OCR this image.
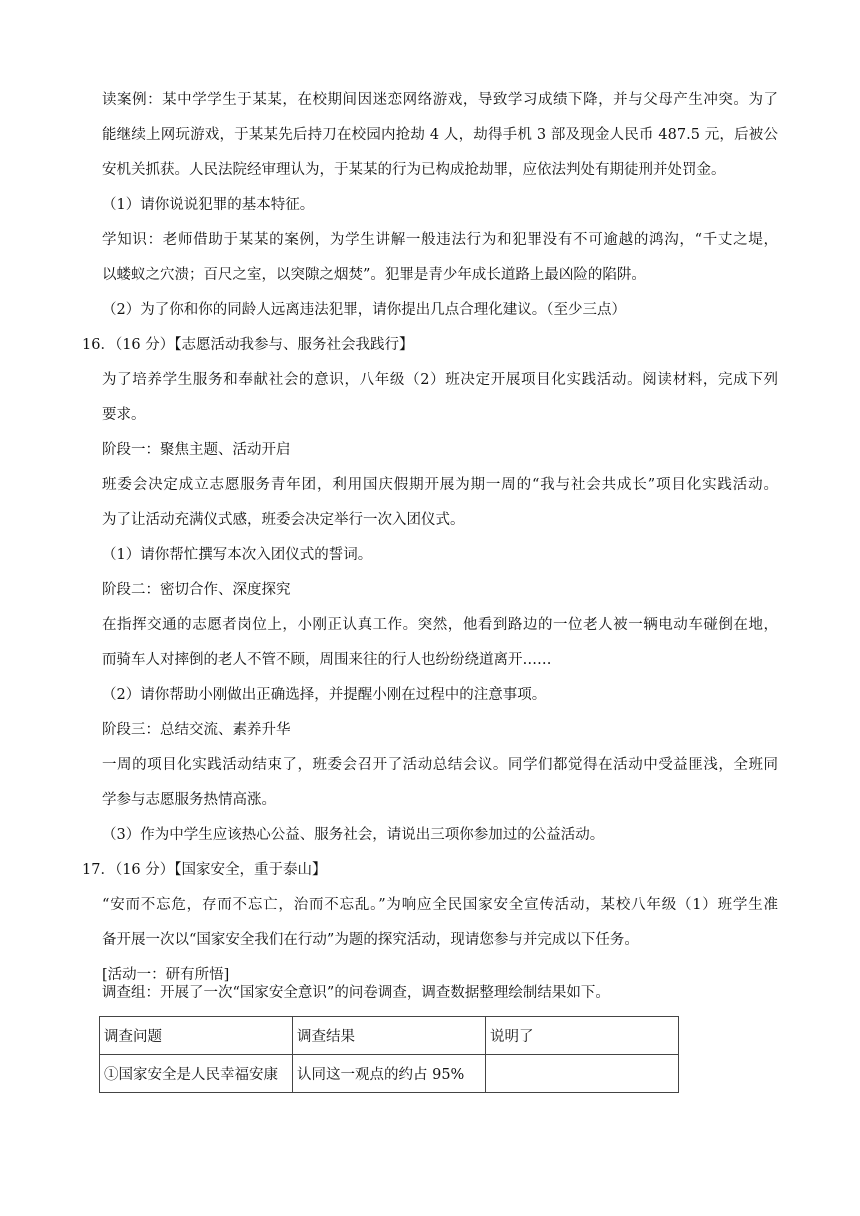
读案例：某中学学生于某某，在校期间因迷恋网络游戏，导致学习成绩下降，并与父母产生冲突。为了
能继续上网玩游戏，于某某先后持刀在校园内抢劫 4 人，劫得手机 3 部及现金人民币 487.5 元，后被公
安机关抓获。人民法院经审理认为，于某某的行为已构成抢劫罪，应依法判处有期徒刑并处罚金。
（1）请你说说犯罪的基本特征。
学知识：老师借助于某某的案例，为学生讲解一般违法行为和犯罪没有不可逾越的鸿沟，“千丈之堤，
以蝼蚁之穴溃；百尺之室，以突隙之烟焚”。犯罪是青少年成长道路上最凶险的陷阱。
（2）为了你和你的同龄人远离违法犯罪，请你提出几点合理化建议。（至少三点）
16．（16 分）【志愿活动我参与、服务社会我践行】
为了培养学生服务和奉献社会的意识，八年级（2）班决定开展项目化实践活动。阅读材料，完成下列
要求。
阶段一：聚焦主题、活动开启
班委会决定成立志愿服务青年团，利用国庆假期开展为期一周的“我与社会共成长”项目化实践活动。
为了让活动充满仪式感，班委会决定举行一次入团仪式。
（1）请你帮忙撰写本次入团仪式的誓词。
阶段二：密切合作、深度探究
在指挥交通的志愿者岗位上，小刚正认真工作。突然，他看到路边的一位老人被一辆电动车碰倒在地，
而骑车人对摔倒的老人不管不顾，周围来往的行人也纷纷绕道离开……
（2）请你帮助小刚做出正确选择，并提醒小刚在过程中的注意事项。
阶段三：总结交流、素养升华
一周的项目化实践活动结束了，班委会召开了活动总结会议。同学们都觉得在活动中受益匪浅，全班同
学参与志愿服务热情高涨。
（3）作为中学生应该热心公益、服务社会，请说出三项你参加过的公益活动。
17．（16 分）【国家安全，重于泰山】
“安而不忘危，存而不忘亡，治而不忘乱。”为响应全民国家安全宣传活动，某校八年级（1）班学生准
备开展一次以“国家安全我们在行动”为题的探究活动，现请您参与并完成以下任务。
[活动一：研有所悟]
调查组：开展了一次“国家安全意识”的问卷调查，调查数据整理绘制结果如下。
调查问题	调查结果	说明了
①国家安全是人民幸福安康	认同这一观点的约占 95%	
